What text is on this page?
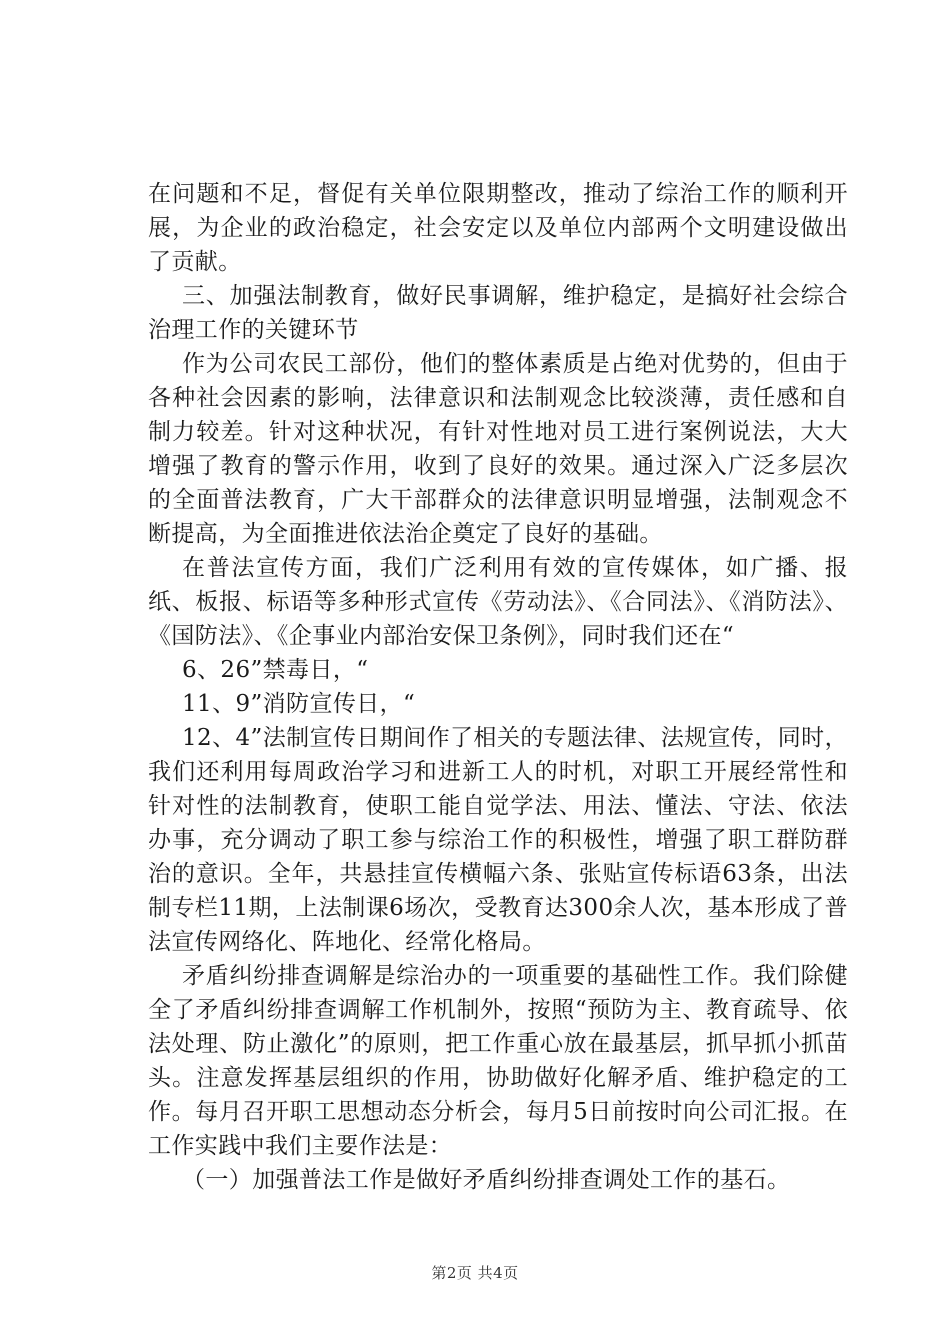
在问题和不足，督促有关单位限期整改，推动了综治工作的顺利开展，为企业的政治稳定，社会安定以及单位内部两个文明建设做出了贡献。

三、加强法制教育，做好民事调解，维护稳定，是搞好社会综合治理工作的关键环节

作为公司农民工部份，他们的整体素质是占绝对优势的，但由于各种社会因素的影响，法律意识和法制观念比较淡薄，责任感和自制力较差。针对这种状况，有针对性地对员工进行案例说法，大大增强了教育的警示作用，收到了良好的效果。通过深入广泛多层次的全面普法教育，广大干部群众的法律意识明显增强，法制观念不断提高，为全面推进依法治企奠定了良好的基础。

在普法宣传方面，我们广泛利用有效的宣传媒体，如广播、报纸、板报、标语等多种形式宣传《劳动法》、《合同法》、《消防法》、《国防法》、《企事业内部治安保卫条例》，同时我们还在“

6、26”禁毒日，“

11、9”消防宣传日，“

12、4”法制宣传日期间作了相关的专题法律、法规宣传，同时，我们还利用每周政治学习和进新工人的时机，对职工开展经常性和针对性的法制教育，使职工能自觉学法、用法、懂法、守法、依法办事，充分调动了职工参与综治工作的积极性，增强了职工群防群治的意识。全年，共悬挂宣传横幅六条、张贴宣传标语63条，出法制专栏11期，上法制课6场次，受教育达300余人次，基本形成了普法宣传网络化、阵地化、经常化格局。

矛盾纠纷排查调解是综治办的一项重要的基础性工作。我们除健全了矛盾纠纷排查调解工作机制外，按照“预防为主、教育疏导、依法处理、防止激化”的原则，把工作重心放在最基层，抓早抓小抓苗头。注意发挥基层组织的作用，协助做好化解矛盾、维护稳定的工作。每月召开职工思想动态分析会，每月5日前按时向公司汇报。在工作实践中我们主要作法是：

（一）加强普法工作是做好矛盾纠纷排查调处工作的基石。

第2页 共4页
